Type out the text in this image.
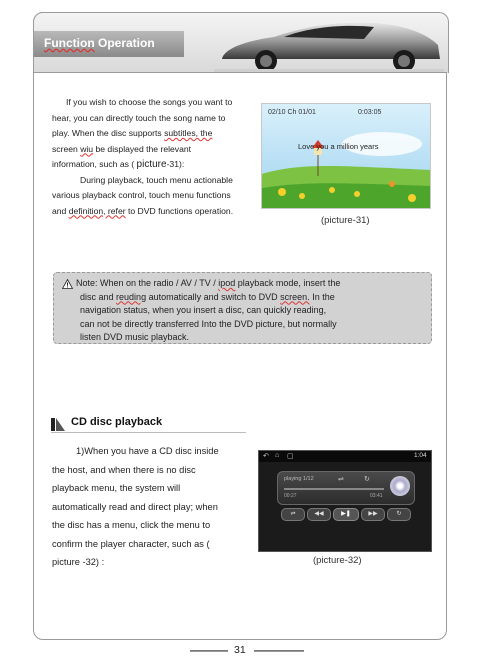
Function Operation
If you wish to choose the songs you want to
hear, you can directly touch the song name to
play. When the disc supports subtitles, the
screen wiu be displayed the relevant
information, such as ( picture-31):
During playback, touch menu actionable
various playback control, touch menu functions
and definition, refer to DVD functions operation.
02/10 Ch 01/01	0:03:05
Love you a million years
(picture-31)
Note: When on the radio / AV / TV / ipod playback mode, insert the
disc and reuding automatically and switch to DVD screen. In the
navigation status, when you insert a disc, can quickly reading,
can not be directly transferred Into the DVD picture, but normally
listen DVD music playback.
CD disc playback
1)When you have a CD disc inside
the host, and when there is no disc
playback menu, the system will
automatically read and direct play; when
the disc has a menu, click the menu to
confirm the player character, such as (
picture -32) :
↶ ⌂ ▢	1:04
playing 1/12	⇌	↻
00:27	03:41
⇌	◀◀	▶❚	▶▶	↻
(picture-32)
31
